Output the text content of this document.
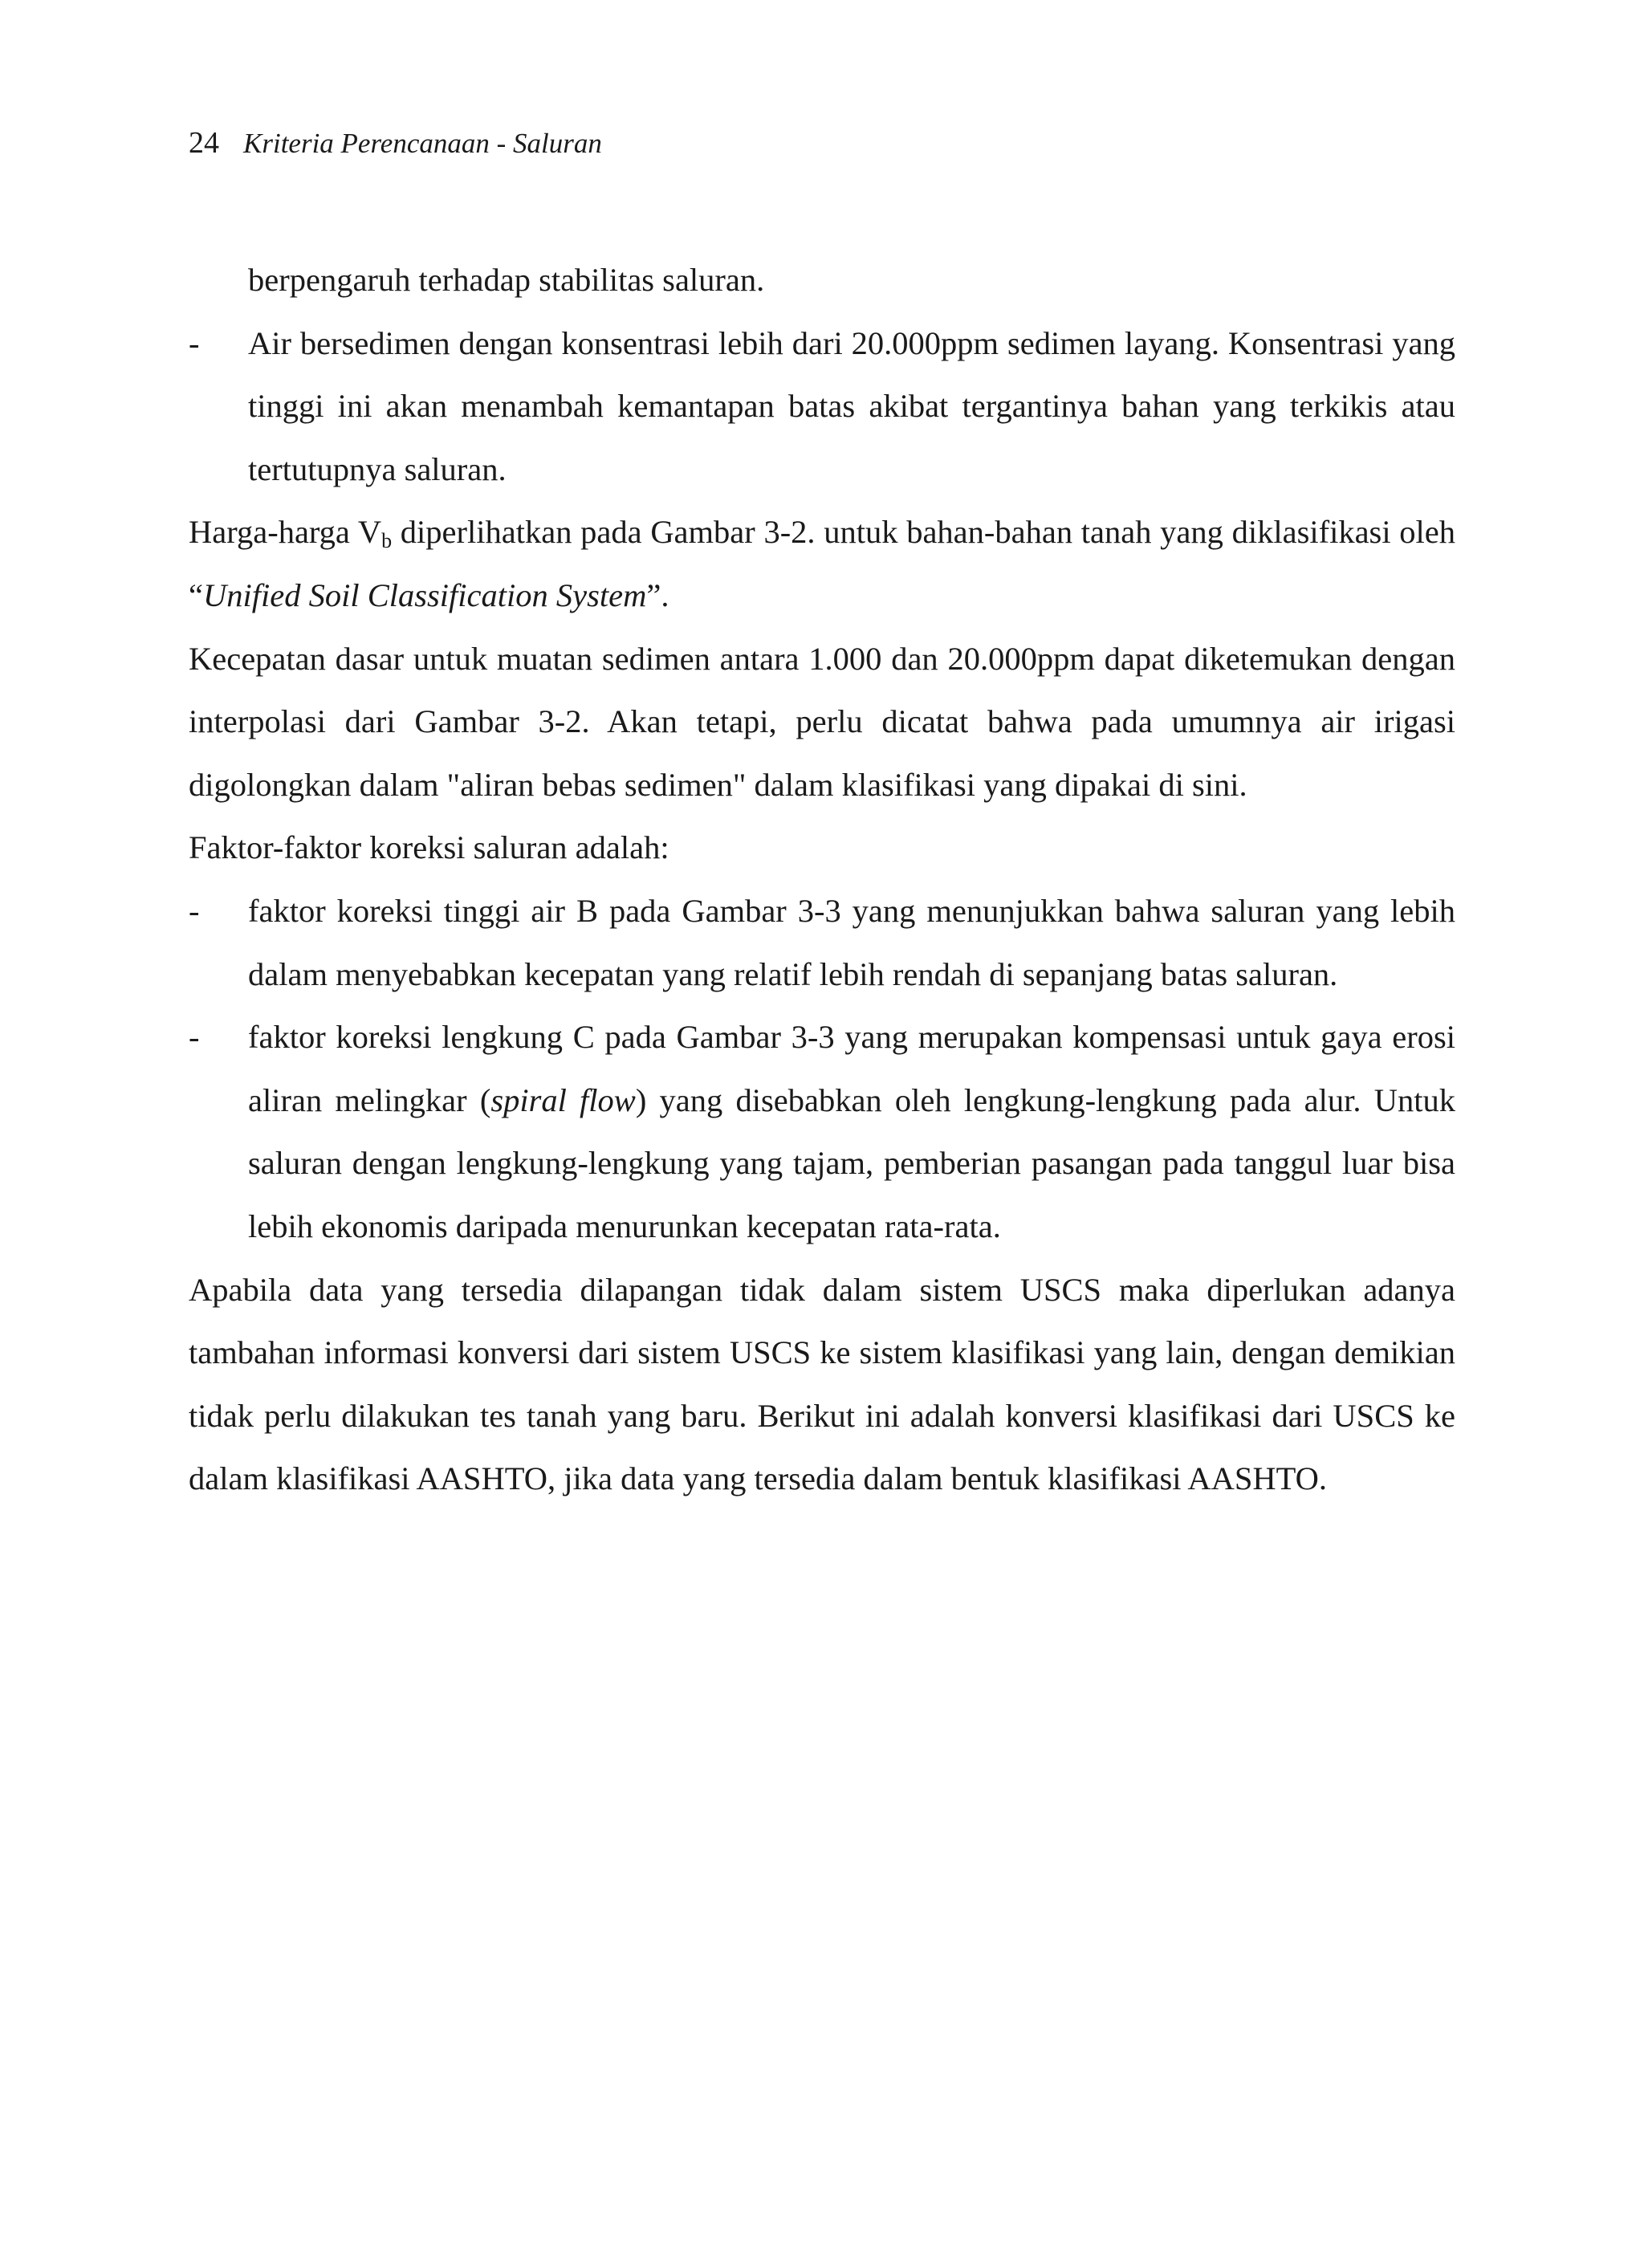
24 Kriteria Perencanaan - Saluran

berpengaruh terhadap stabilitas saluran.

- Air bersedimen dengan konsentrasi lebih dari 20.000ppm sedimen layang. Konsentrasi yang tinggi ini akan menambah kemantapan batas akibat tergantinya bahan yang terkikis atau tertutupnya saluran.

Harga-harga $V_b$ diperlihatkan pada Gambar 3-2. untuk bahan-bahan tanah yang diklasifikasi oleh “Unified Soil Classification System”.

Kecepatan dasar untuk muatan sedimen antara 1.000 dan 20.000ppm dapat diketemukan dengan interpolasi dari Gambar 3-2. Akan tetapi, perlu dicatat bahwa pada umumnya air irigasi digolongkan dalam "aliran bebas sedimen" dalam klasifikasi yang dipakai di sini.

Faktor-faktor koreksi saluran adalah:

- faktor koreksi tinggi air B pada Gambar 3-3 yang menunjukkan bahwa saluran yang lebih dalam menyebabkan kecepatan yang relatif lebih rendah di sepanjang batas saluran.
- faktor koreksi lengkung C pada Gambar 3-3 yang merupakan kompensasi untuk gaya erosi aliran melingkar (spiral flow) yang disebabkan oleh lengkung-lengkung pada alur. Untuk saluran dengan lengkung-lengkung yang tajam, pemberian pasangan pada tanggul luar bisa lebih ekonomis daripada menurunkan kecepatan rata-rata.

Apabila data yang tersedia dilapangan tidak dalam sistem USCS maka diperlukan adanya tambahan informasi konversi dari sistem USCS ke sistem klasifikasi yang lain, dengan demikian tidak perlu dilakukan tes tanah yang baru. Berikut ini adalah konversi klasifikasi dari USCS ke dalam klasifikasi AASHTO, jika data yang tersedia dalam bentuk klasifikasi AASHTO.
